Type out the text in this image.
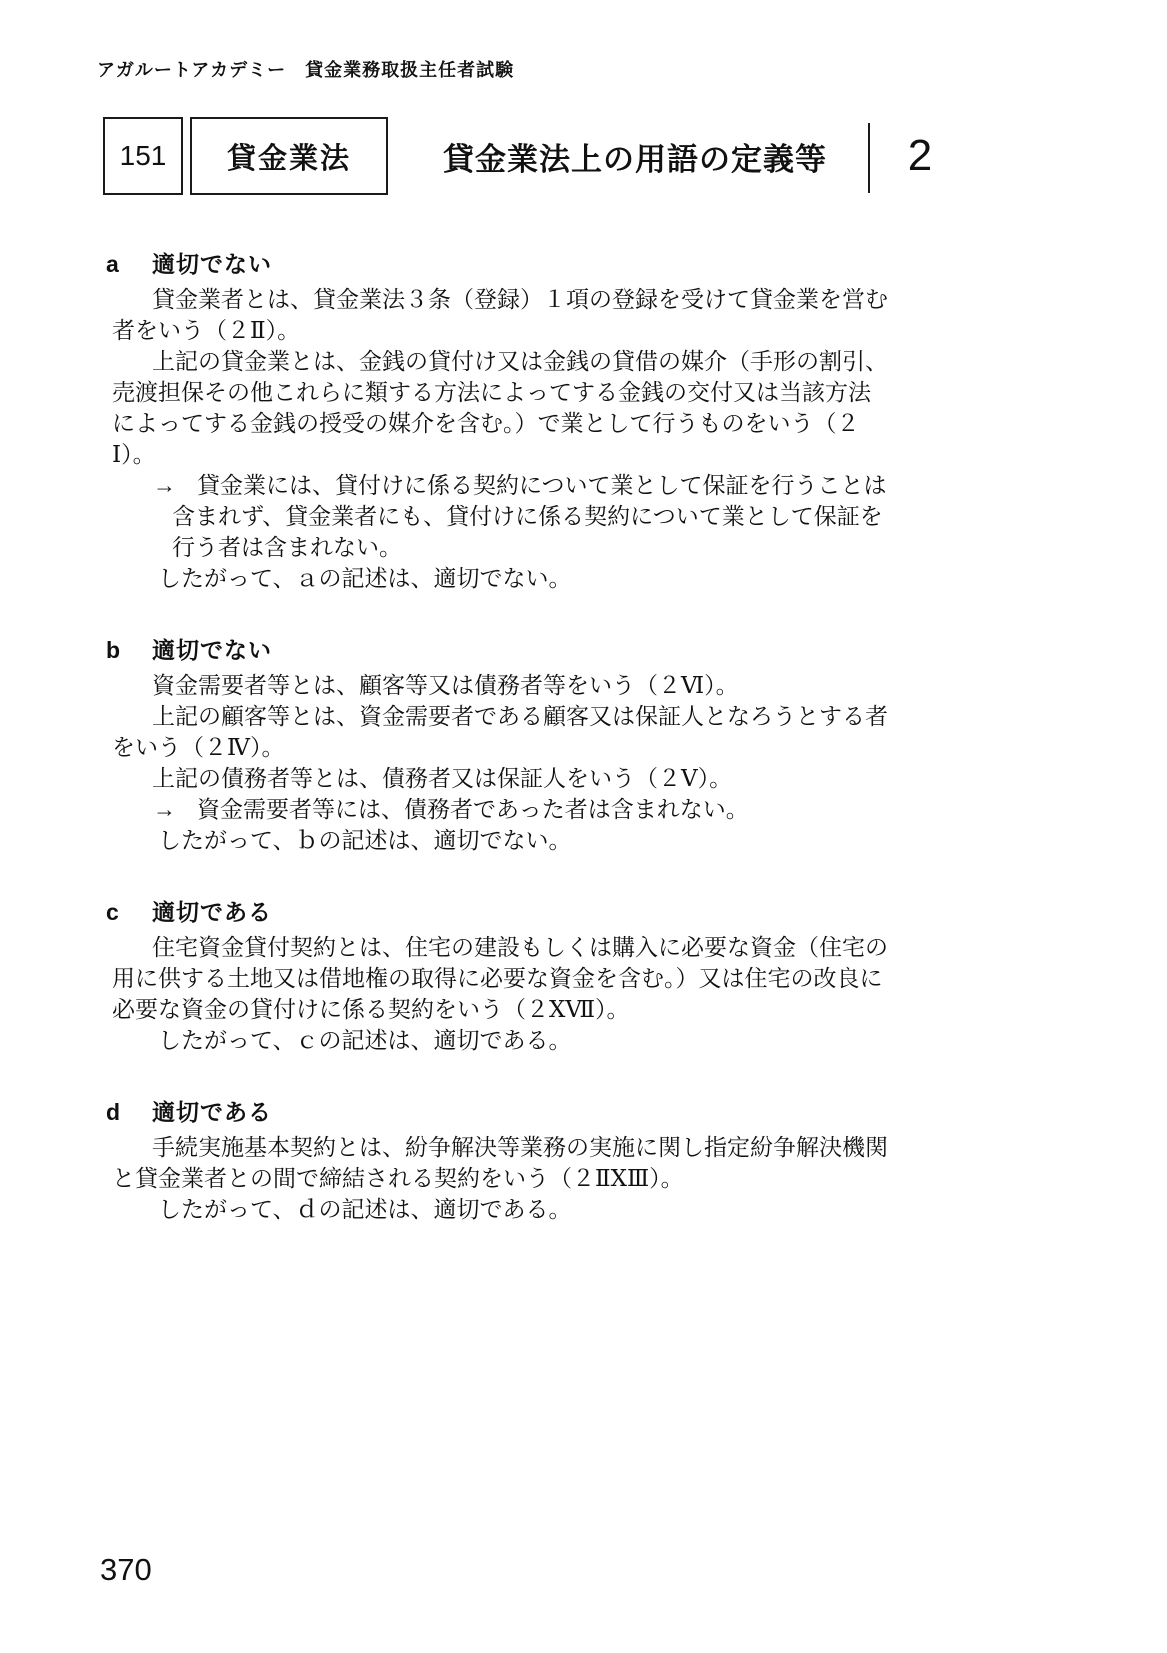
アガルートアカデミー　貸金業務取扱主任者試験
151 貸金業法	貸金業法上の用語の定義等	2
a	適切でない
貸金業者とは、貸金業法３条（登録）１項の登録を受けて貸金業を営む
者をいう（２Ⅱ）。
上記の貸金業とは、金銭の貸付け又は金銭の貸借の媒介（手形の割引、
売渡担保その他これらに類する方法によってする金銭の交付又は当該方法
によってする金銭の授受の媒介を含む。）で業として行うものをいう（２
Ⅰ）。
→ 貸金業には、貸付けに係る契約について業として保証を行うことは
含まれず、貸金業者にも、貸付けに係る契約について業として保証を
行う者は含まれない。
したがって、ａの記述は、適切でない。
b	適切でない
資金需要者等とは、顧客等又は債務者等をいう（２Ⅵ）。
上記の顧客等とは、資金需要者である顧客又は保証人となろうとする者
をいう（２Ⅳ）。
上記の債務者等とは、債務者又は保証人をいう（２Ⅴ）。
→ 資金需要者等には、債務者であった者は含まれない。
したがって、ｂの記述は、適切でない。
c	適切である
住宅資金貸付契約とは、住宅の建設もしくは購入に必要な資金（住宅の
用に供する土地又は借地権の取得に必要な資金を含む。）又は住宅の改良に
必要な資金の貸付けに係る契約をいう（２ⅩⅦ）。
したがって、ｃの記述は、適切である。
d	適切である
手続実施基本契約とは、紛争解決等業務の実施に関し指定紛争解決機関
と貸金業者との間で締結される契約をいう（２ⅡⅩⅢ）。
したがって、ｄの記述は、適切である。
370
